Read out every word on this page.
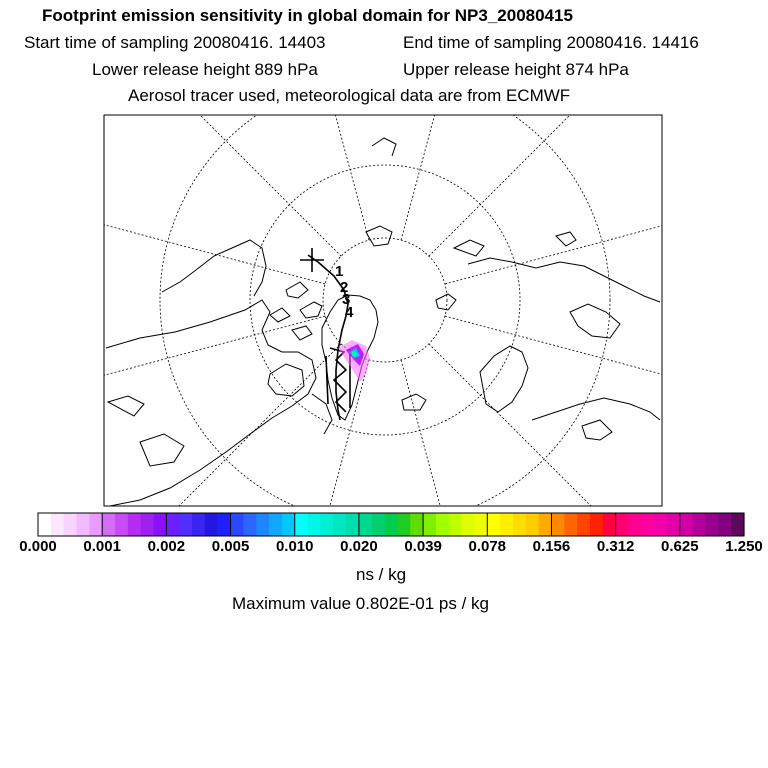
Footprint emission sensitivity in global domain for NP3_20080415
Start time of sampling 20080416. 14403	End time of sampling 20080416. 14416
Lower release height 889 hPa	Upper release height 874 hPa
Aerosol tracer used, meteorological data are from ECMWF
1
2
3
4
0.000 0.001 0.002 0.005 0.010 0.020 0.039 0.078 0.156 0.312 0.625 1.250
ns / kg
Maximum value 0.802E-01 ps / kg
